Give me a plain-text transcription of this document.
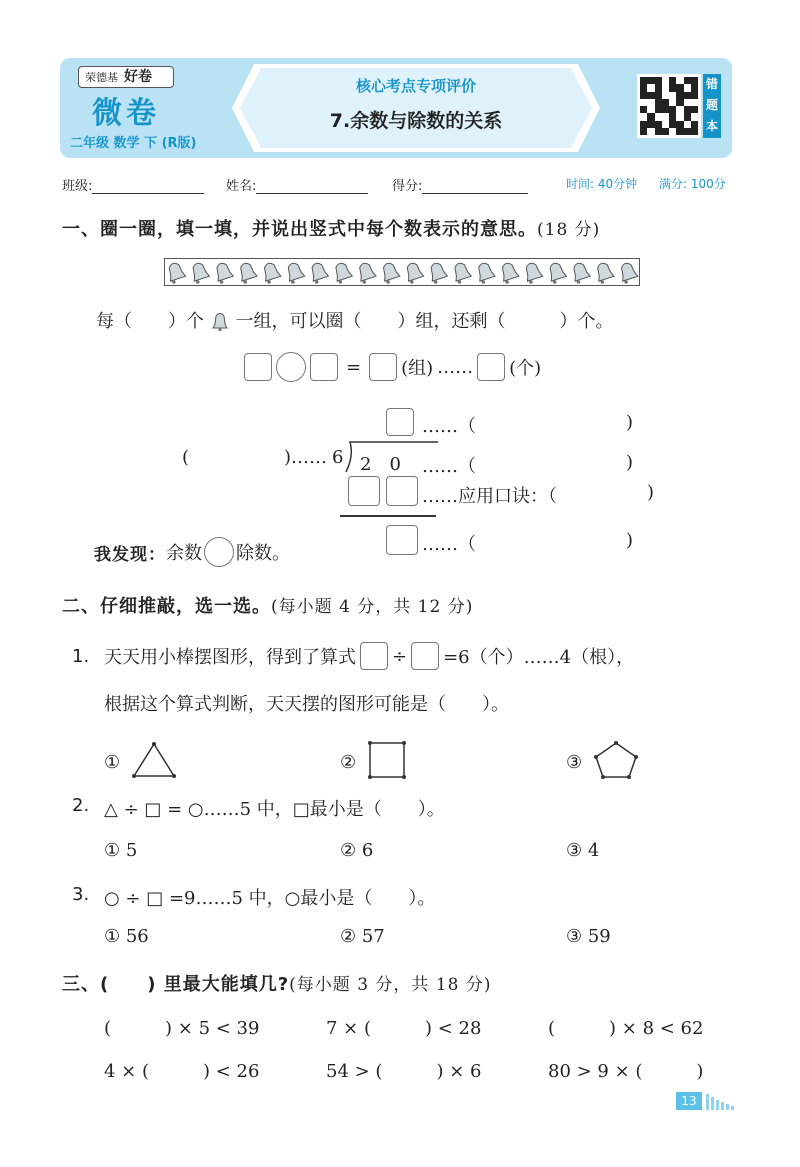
荣德基 好卷
微卷
二年级 数学 下 (R版)
核心考点专项评价
7.余数与除数的关系
错
题
本
班级:	姓名:	得分:	时间: 40分钟 满分: 100分
一、圈一圈，填一填，并说出竖式中每个数表示的意思。(18 分)
每（　　）个 一组，可以圈（　　）组，还剩（　　　）个。
= (组) …… (个)
……（	)
(	)…… 6 2　0 ……（	)
……应用口诀：（	)
……（	)
我发现： 余数 除数。
二、仔细推敲，选一选。(每小题 4 分，共 12 分)
1. 天天用小棒摆图形，得到了算式 ÷ =6（个）……4（根），
根据这个算式判断，天天摆的图形可能是（　　）。
①	②	③
2. △ ÷ □ = ○……5 中，□最小是（　　）。
① 5	② 6	③ 4
3. ○ ÷ □ =9……5 中，○最小是（　　）。
① 56	② 57	③ 59
三、(　　) 里最大能填几?(每小题 3 分，共 18 分)
(　　　) × 5 < 39	7 × (　　　) < 28	(　　　) × 8 < 62
4 × (　　　) < 26	54 > (　　　) × 6	80 > 9 × (　　　)
13
